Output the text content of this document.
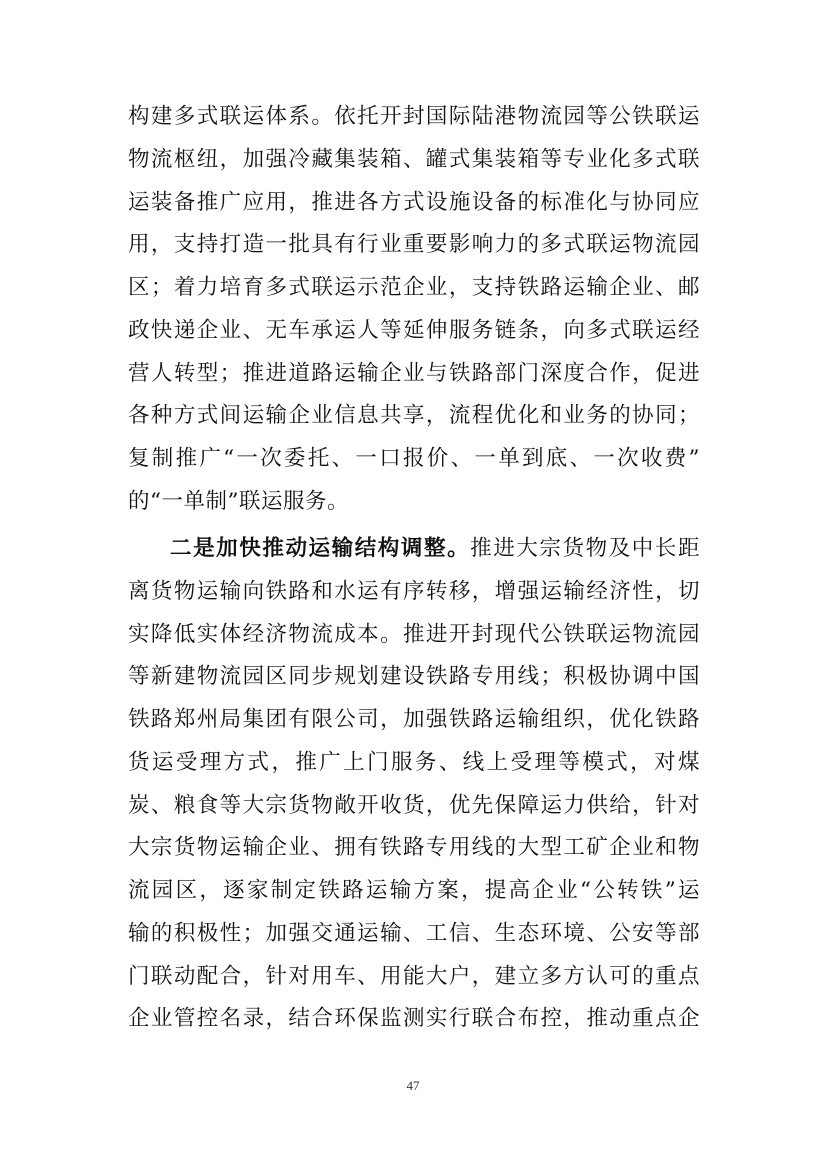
构建多式联运体系。依托开封国际陆港物流园等公铁联运
物流枢纽，加强冷藏集装箱、罐式集装箱等专业化多式联
运装备推广应用，推进各方式设施设备的标准化与协同应
用，支持打造一批具有行业重要影响力的多式联运物流园
区；着力培育多式联运示范企业，支持铁路运输企业、邮
政快递企业、无车承运人等延伸服务链条，向多式联运经
营人转型；推进道路运输企业与铁路部门深度合作，促进
各种方式间运输企业信息共享，流程优化和业务的协同；
复制推广“一次委托、一口报价、一单到底、一次收费”
的“一单制”联运服务。
二是加快推动运输结构调整。推进大宗货物及中长距
离货物运输向铁路和水运有序转移，增强运输经济性，切
实降低实体经济物流成本。推进开封现代公铁联运物流园
等新建物流园区同步规划建设铁路专用线；积极协调中国
铁路郑州局集团有限公司，加强铁路运输组织，优化铁路
货运受理方式，推广上门服务、线上受理等模式，对煤
炭、粮食等大宗货物敞开收货，优先保障运力供给，针对
大宗货物运输企业、拥有铁路专用线的大型工矿企业和物
流园区，逐家制定铁路运输方案，提高企业“公转铁”运
输的积极性；加强交通运输、工信、生态环境、公安等部
门联动配合，针对用车、用能大户，建立多方认可的重点
企业管控名录，结合环保监测实行联合布控，推动重点企
47
